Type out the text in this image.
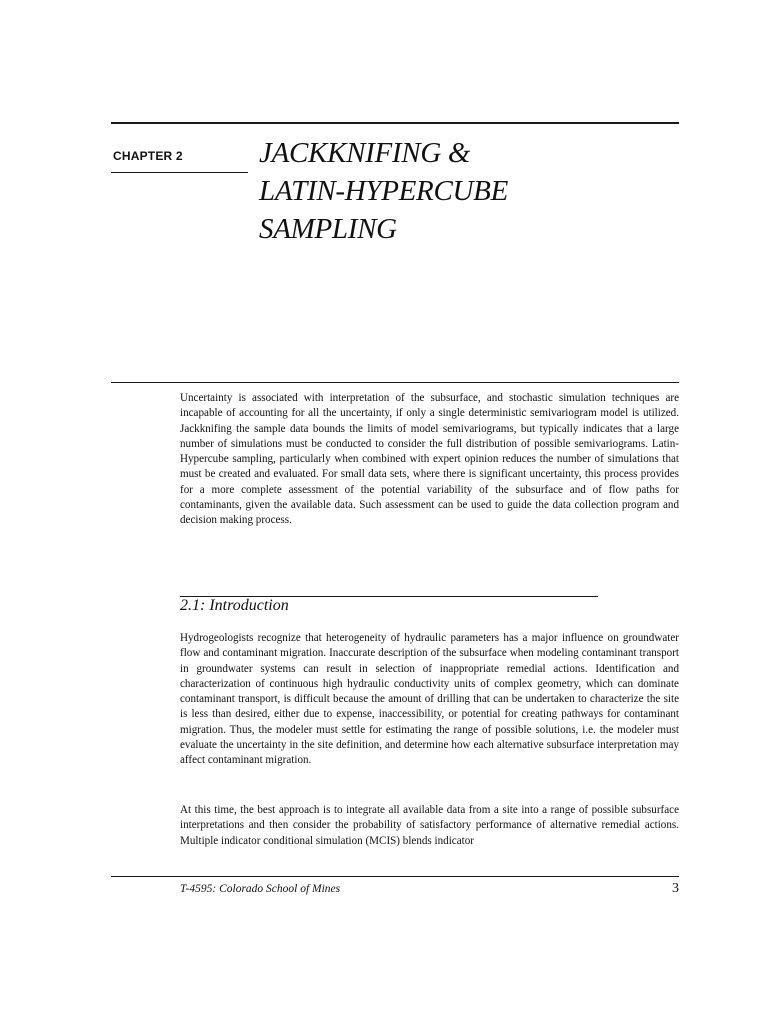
CHAPTER 2	JACKKNIFING &
LATIN-HYPERCUBE
SAMPLING

Uncertainty is associated with interpretation of the subsurface, and stochastic simulation techniques are incapable of accounting for all the uncertainty, if only a single deterministic semivariogram model is utilized. Jackknifing the sample data bounds the limits of model semivariograms, but typically indicates that a large number of simulations must be conducted to consider the full distribution of possible semivariograms. Latin-Hypercube sampling, particularly when combined with expert opinion reduces the number of simulations that must be created and evaluated. For small data sets, where there is significant uncertainty, this process provides for a more complete assessment of the potential variability of the subsurface and of flow paths for contaminants, given the available data. Such assessment can be used to guide the data collection program and decision making process.

2.1: Introduction

Hydrogeologists recognize that heterogeneity of hydraulic parameters has a major influence on groundwater flow and contaminant migration. Inaccurate description of the subsurface when modeling contaminant transport in groundwater systems can result in selection of inappropriate remedial actions. Identification and characterization of continuous high hydraulic conductivity units of complex geometry, which can dominate contaminant transport, is difficult because the amount of drilling that can be undertaken to characterize the site is less than desired, either due to expense, inaccessibility, or potential for creating pathways for contaminant migration. Thus, the modeler must settle for estimating the range of possible solutions, i.e. the modeler must evaluate the uncertainty in the site definition, and determine how each alternative subsurface interpretation may affect contaminant migration.

At this time, the best approach is to integrate all available data from a site into a range of possible subsurface interpretations and then consider the probability of satisfactory performance of alternative remedial actions. Multiple indicator conditional simulation (MCIS) blends indicator

T-4595: Colorado School of Mines	3
